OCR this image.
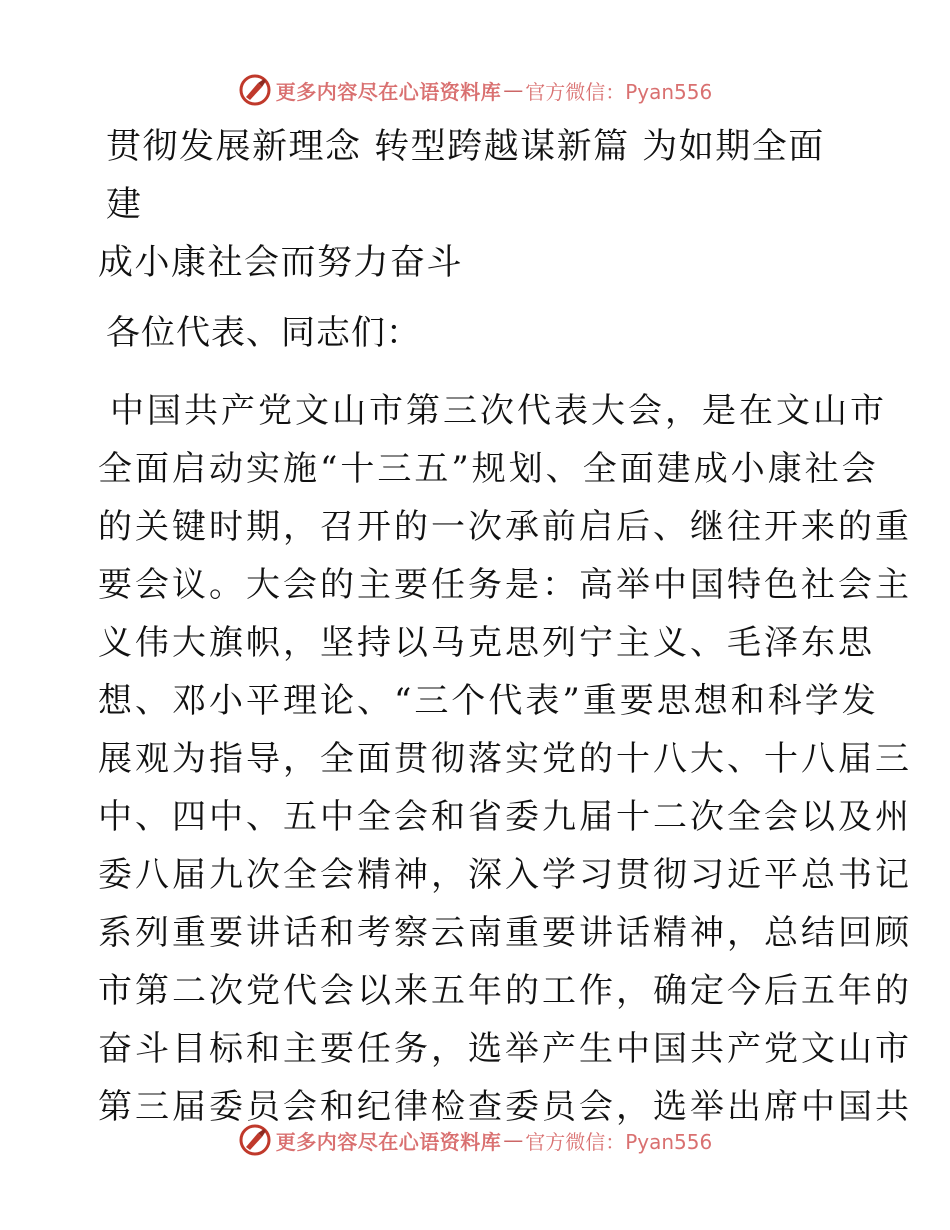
更多内容尽在心语资料库 — 官方微信：Pyan556
贯彻发展新理念 转型跨越谋新篇 为如期全面建
成小康社会而努力奋斗

各位代表、同志们：

中国共产党文山市第三次代表大会，是在文山市
全面启动实施“十三五”规划、全面建成小康社会
的关键时期，召开的一次承前启后、继往开来的重
要会议。大会的主要任务是：高举中国特色社会主
义伟大旗帜，坚持以马克思列宁主义、毛泽东思
想、邓小平理论、“三个代表”重要思想和科学发
展观为指导，全面贯彻落实党的十八大、十八届三
中、四中、五中全会和省委九届十二次全会以及州
委八届九次全会精神，深入学习贯彻习近平总书记
系列重要讲话和考察云南重要讲话精神，总结回顾
市第二次党代会以来五年的工作，确定今后五年的
奋斗目标和主要任务，选举产生中国共产党文山市
第三届委员会和纪律检查委员会，选举出席中国共
更多内容尽在心语资料库 — 官方微信：Pyan556
